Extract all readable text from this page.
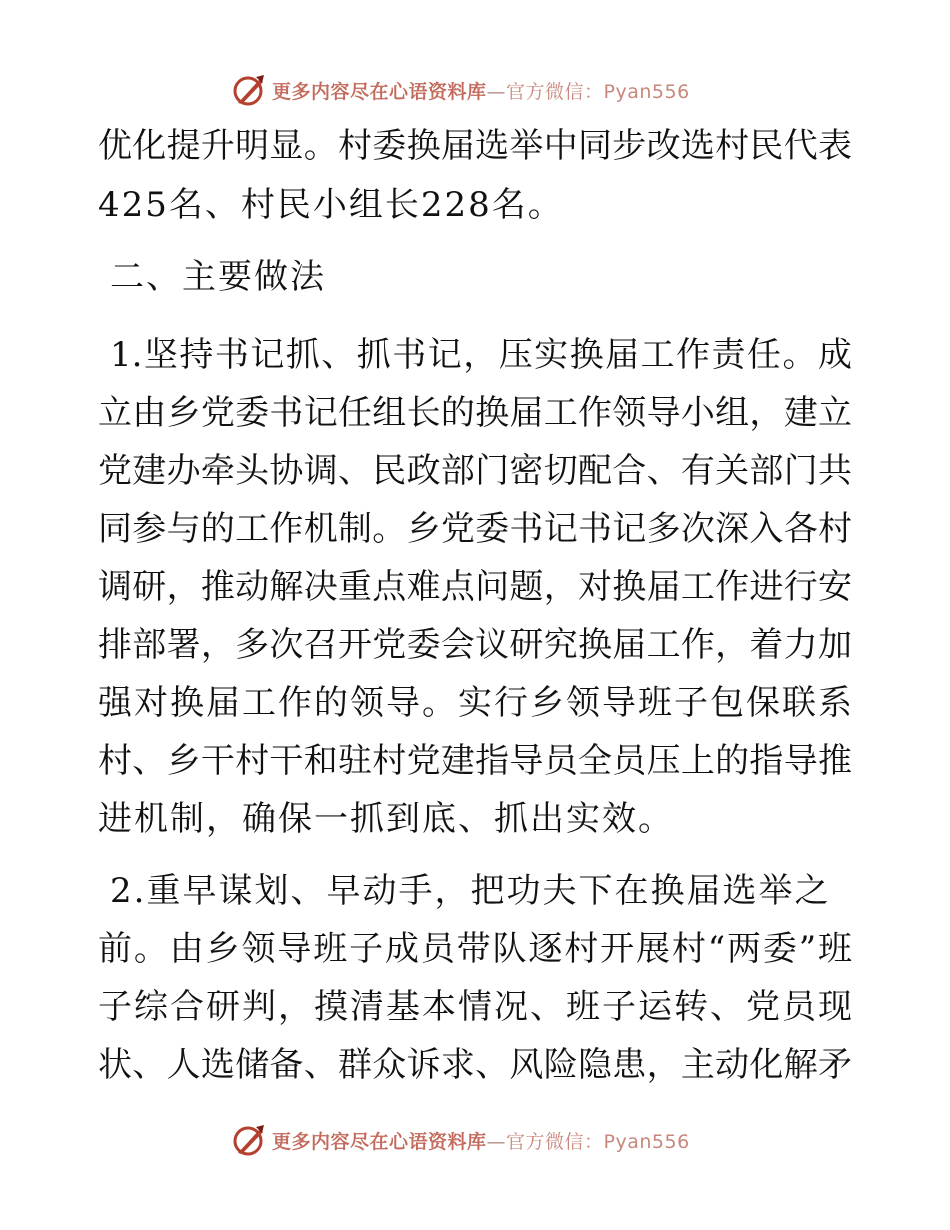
更多内容尽在心语资料库—官方微信：Pyan556
优化提升明显。村委换届选举中同步改选村民代表
425名、村民小组长228名。
二、主要做法
1.坚持书记抓、抓书记，压实换届工作责任。成
立由乡党委书记任组长的换届工作领导小组，建立
党建办牵头协调、民政部门密切配合、有关部门共
同参与的工作机制。乡党委书记书记多次深入各村
调研，推动解决重点难点问题，对换届工作进行安
排部署，多次召开党委会议研究换届工作，着力加
强对换届工作的领导。实行乡领导班子包保联系
村、乡干村干和驻村党建指导员全员压上的指导推
进机制，确保一抓到底、抓出实效。
2.重早谋划、早动手，把功夫下在换届选举之
前。由乡领导班子成员带队逐村开展村“两委”班
子综合研判，摸清基本情况、班子运转、党员现
状、人选储备、群众诉求、风险隐患，主动化解矛
更多内容尽在心语资料库—官方微信：Pyan556
